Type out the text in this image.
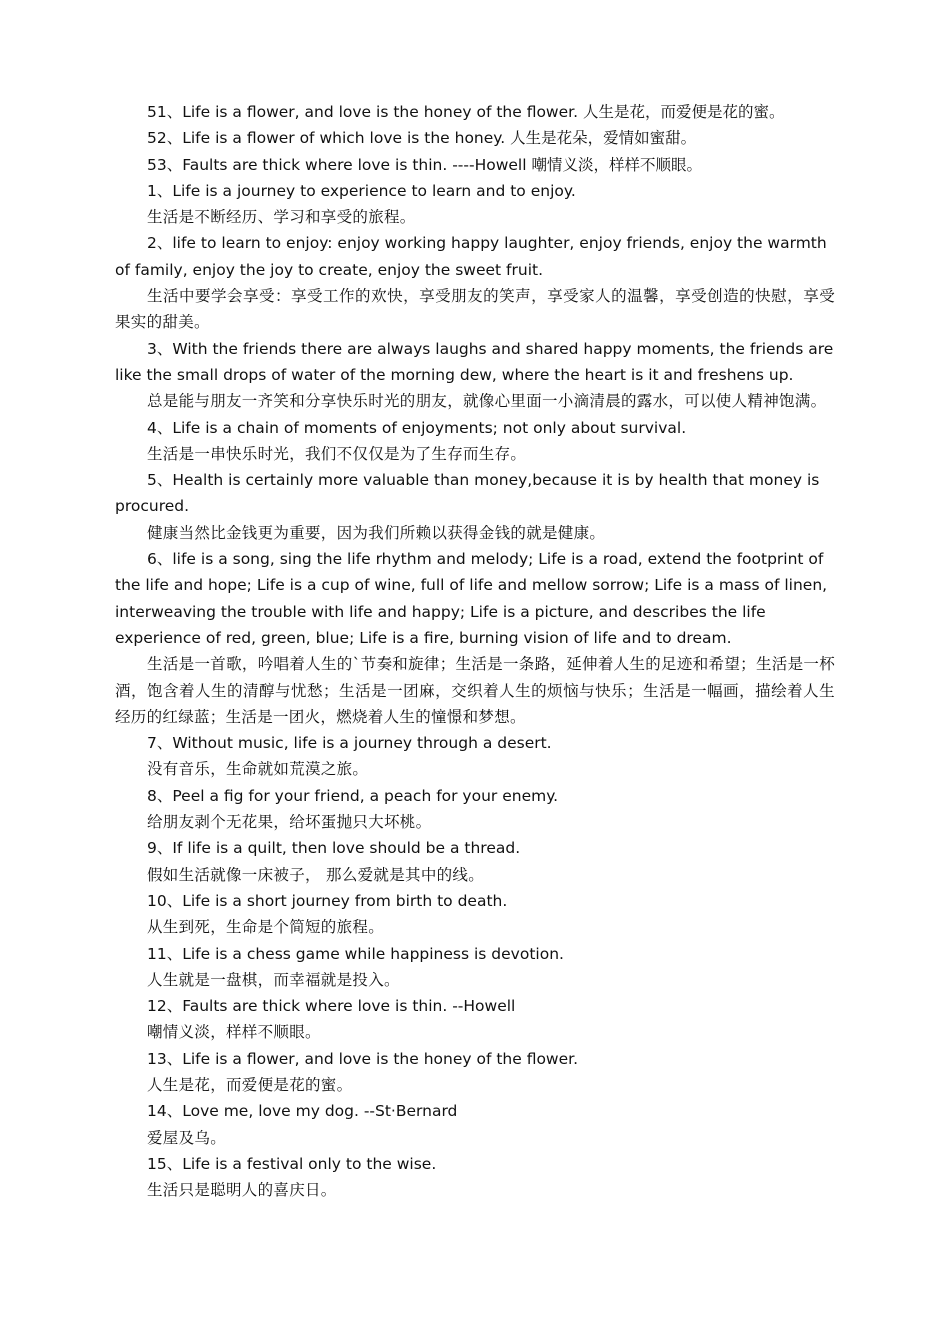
51、Life is a flower, and love is the honey of the flower. 人生是花，而爱便是花的蜜。

52、Life is a flower of which love is the honey. 人生是花朵，爱情如蜜甜。

53、Faults are thick where love is thin. ----Howell 嘲情义淡，样样不顺眼。

1、Life is a journey to experience to learn and to enjoy.

生活是不断经历、学习和享受的旅程。

2、life to learn to enjoy: enjoy working happy laughter, enjoy friends, enjoy the warmth of family, enjoy the joy to create, enjoy the sweet fruit.

生活中要学会享受：享受工作的欢快，享受朋友的笑声，享受家人的温馨，享受创造的快慰，享受果实的甜美。

3、With the friends there are always laughs and shared happy moments, the friends are like the small drops of water of the morning dew, where the heart is it and freshens up.

总是能与朋友一齐笑和分享快乐时光的朋友，就像心里面一小滴清晨的露水，可以使人精神饱满。

4、Life is a chain of moments of enjoyments; not only about survival.

生活是一串快乐时光，我们不仅仅是为了生存而生存。

5、Health is certainly more valuable than money,because it is by health that money is procured.

健康当然比金钱更为重要，因为我们所赖以获得金钱的就是健康。

6、life is a song, sing the life rhythm and melody; Life is a road, extend the footprint of the life and hope; Life is a cup of wine, full of life and mellow sorrow; Life is a mass of linen, interweaving the trouble with life and happy; Life is a picture, and describes the life experience of red, green, blue; Life is a fire, burning vision of life and to dream.

生活是一首歌，吟唱着人生的`节奏和旋律；生活是一条路，延伸着人生的足迹和希望；生活是一杯酒，饱含着人生的清醇与忧愁；生活是一团麻，交织着人生的烦恼与快乐；生活是一幅画，描绘着人生经历的红绿蓝；生活是一团火，燃烧着人生的憧憬和梦想。

7、Without music, life is a journey through a desert.

没有音乐，生命就如荒漠之旅。

8、Peel a fig for your friend, a peach for your enemy.

给朋友剥个无花果，给坏蛋抛只大坏桃。

9、If life is a quilt, then love should be a thread.

假如生活就像一床被子， 那么爱就是其中的线。

10、Life is a short journey from birth to death.

从生到死，生命是个简短的旅程。

11、Life is a chess game while happiness is devotion.

人生就是一盘棋，而幸福就是投入。

12、Faults are thick where love is thin. --Howell

嘲情义淡，样样不顺眼。

13、Life is a flower, and love is the honey of the flower.

人生是花，而爱便是花的蜜。

14、Love me, love my dog. --St·Bernard

爱屋及乌。

15、Life is a festival only to the wise.

生活只是聪明人的喜庆日。
